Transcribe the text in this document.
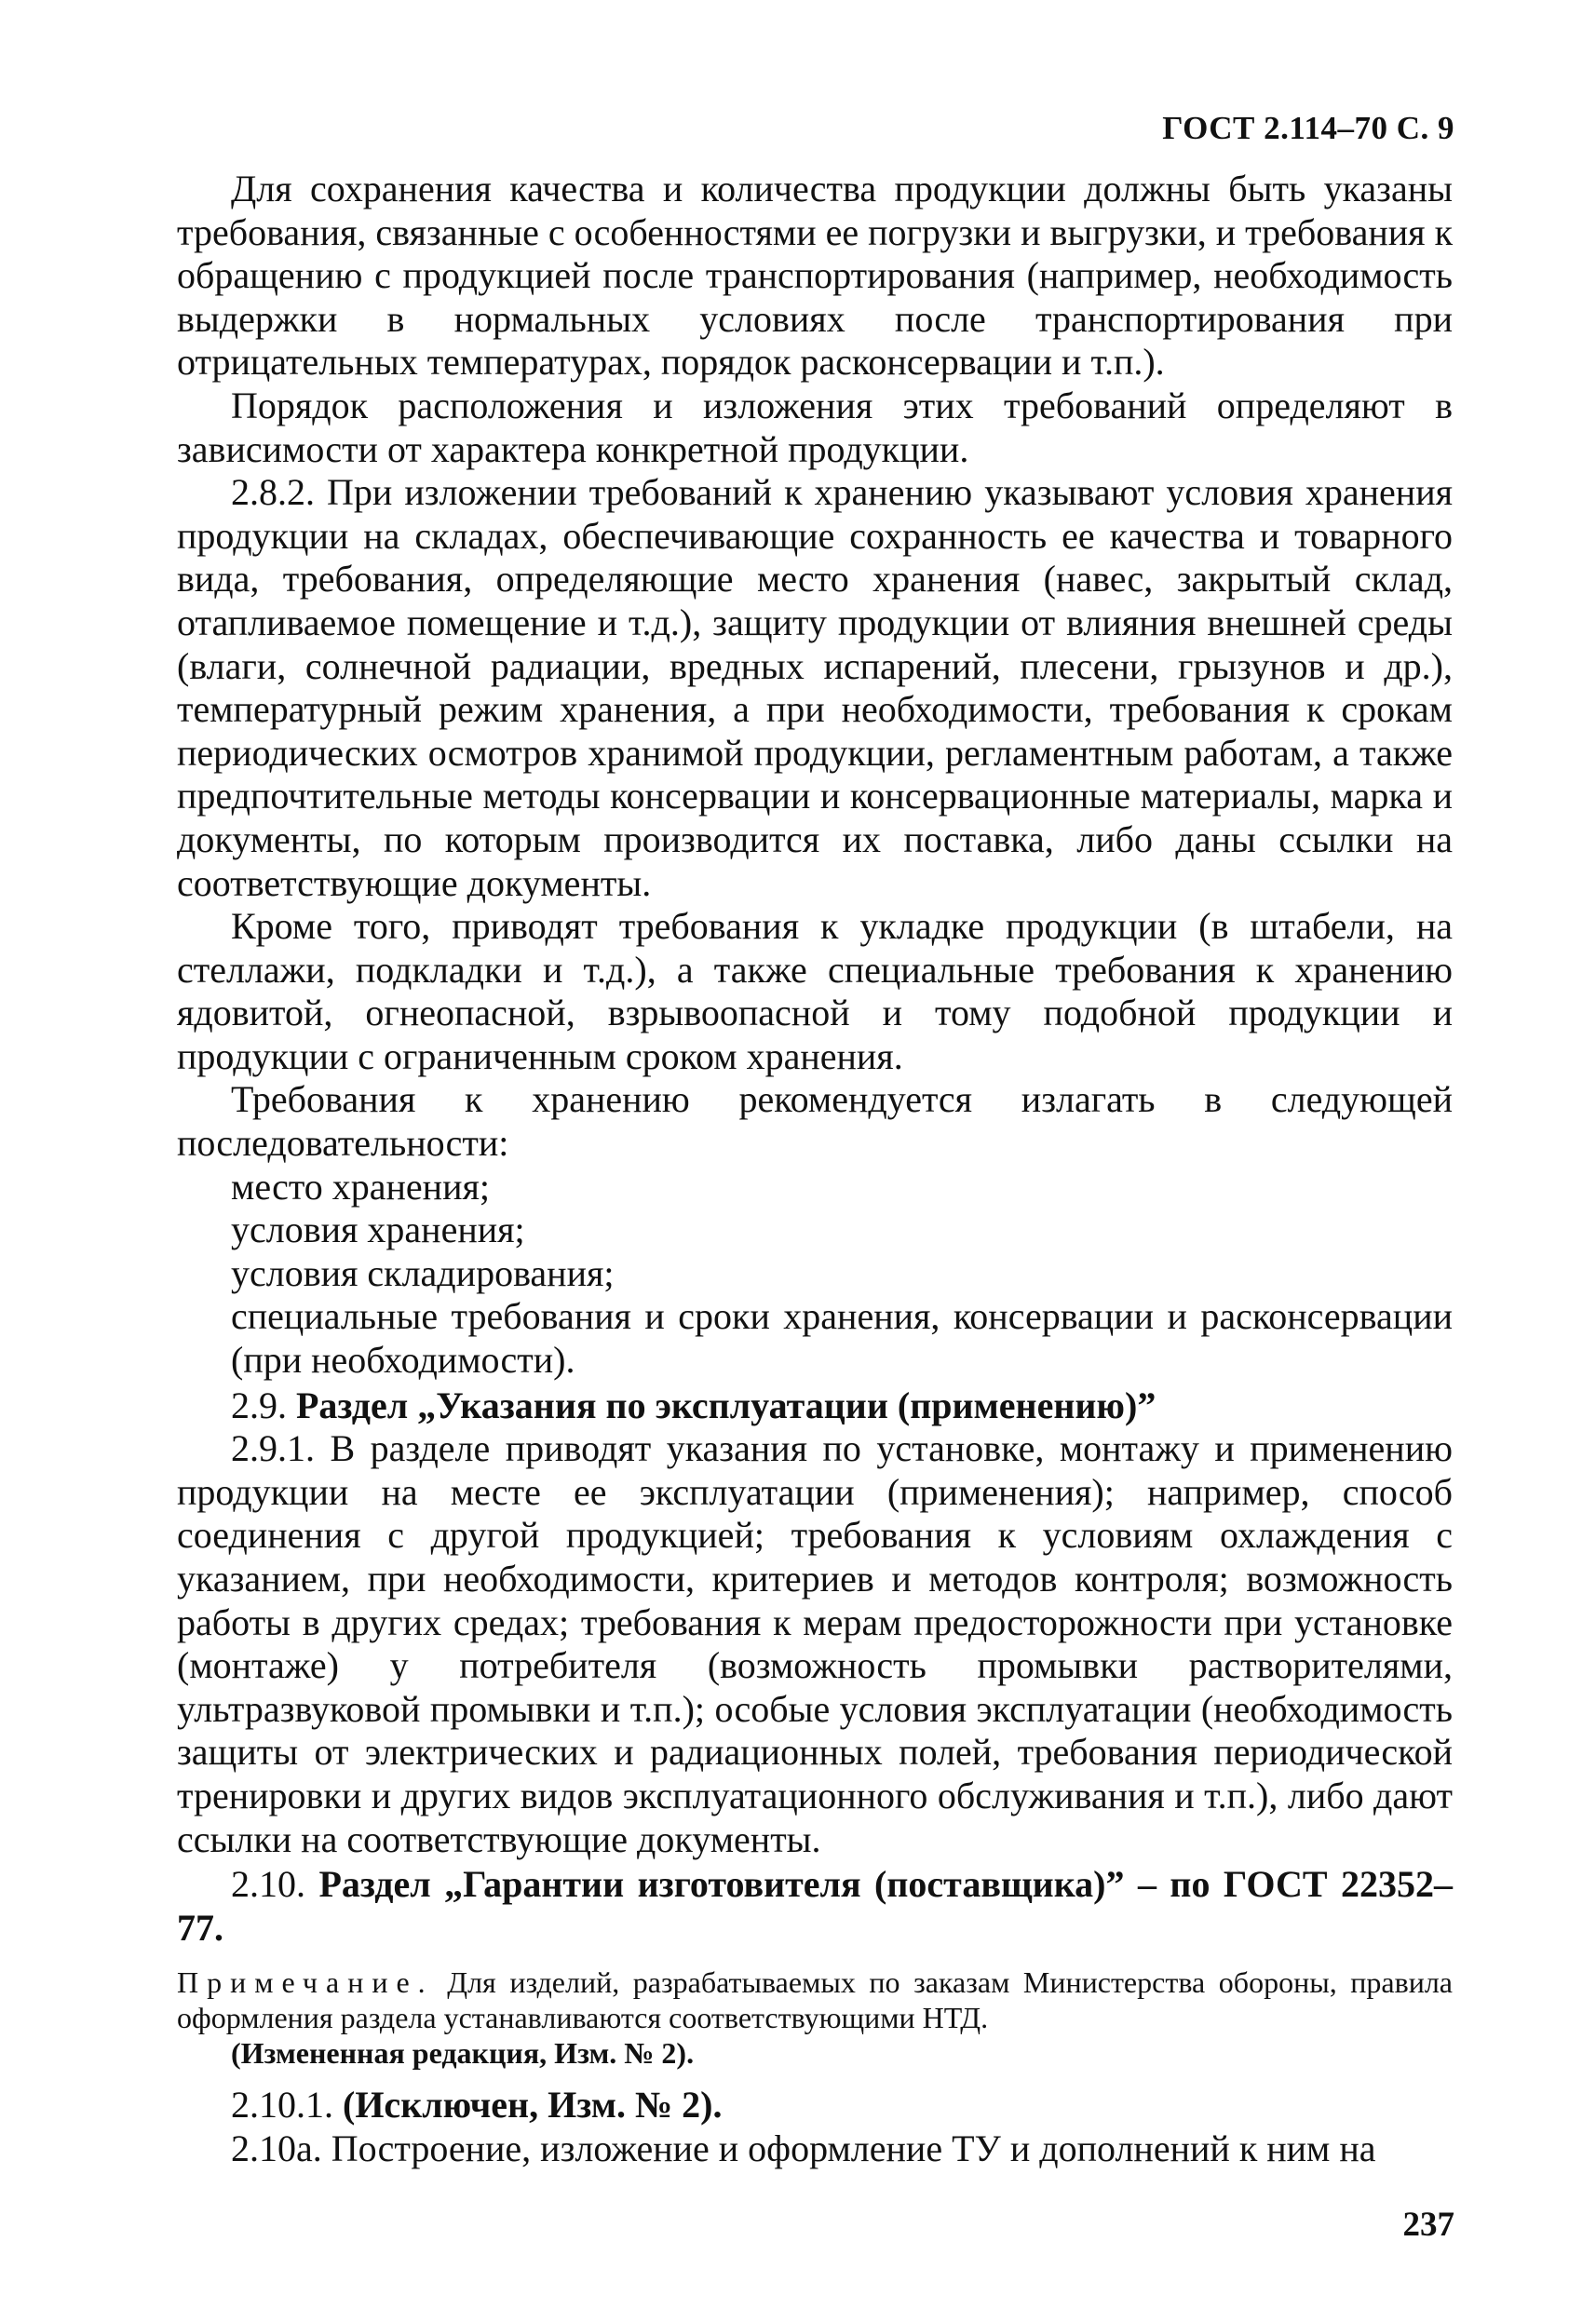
ГОСТ 2.114–70 С. 9

Для сохранения качества и количества продукции должны быть указаны требования, связанные с особенностями ее погрузки и выгрузки, и требования к обращению с продукцией после транспортирования (например, необходимость выдержки в нормальных условиях после транспортирования при отрицательных температурах, порядок расконсервации и т.п.).

Порядок расположения и изложения этих требований определяют в зависимости от характера конкретной продукции.

2.8.2. При изложении требований к хранению указывают условия хранения продукции на складах, обеспечивающие сохранность ее качества и товарного вида, требования, определяющие место хранения (навес, закрытый склад, отапливаемое помещение и т.д.), защиту продукции от влияния внешней среды (влаги, солнечной радиации, вредных испарений, плесени, грызунов и др.), температурный режим хранения, а при необходимости, требования к срокам периодических осмотров хранимой продукции, регламентным работам, а также предпочтительные методы консервации и консервационные материалы, марка и документы, по которым производится их поставка, либо даны ссылки на соответствующие документы.

Кроме того, приводят требования к укладке продукции (в штабели, на стеллажи, подкладки и т.д.), а также специальные требования к хранению ядовитой, огнеопасной, взрывоопасной и тому подобной продукции и продукции с ограниченным сроком хранения.

Требования к хранению рекомендуется излагать в следующей последовательности:

место хранения;

условия хранения;

условия складирования;

специальные требования и сроки хранения, консервации и расконсервации (при необходимости).

2.9. Раздел „Указания по эксплуатации (применению)”

2.9.1. В разделе приводят указания по установке, монтажу и применению продукции на месте ее эксплуатации (применения); например, способ соединения с другой продукцией; требования к условиям охлаждения с указанием, при необходимости, критериев и методов контроля; возможность работы в других средах; требования к мерам предосторожности при установке (монтаже) у потребителя (возможность промывки растворителями, ультразвуковой промывки и т.п.); особые условия эксплуатации (необходимость защиты от электрических и радиационных полей, требования периодической тренировки и других видов эксплуатационного обслуживания и т.п.), либо дают ссылки на соответствующие документы.

2.10. Раздел „Гарантии изготовителя (поставщика)” – по ГОСТ 22352–77.

Примечание. Для изделий, разрабатываемых по заказам Министерства обороны, правила оформления раздела устанавливаются соответствующими НТД.

(Измененная редакция, Изм. № 2).

2.10.1. (Исключен, Изм. № 2).

2.10а. Построение, изложение и оформление ТУ и дополнений к ним на

237
